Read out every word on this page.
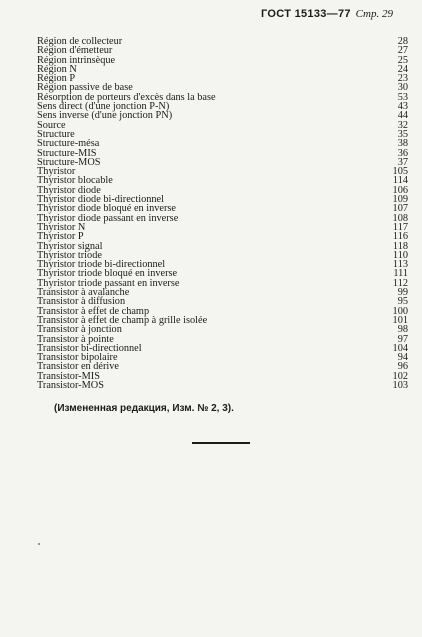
ГОСТ 15133—77 Стр. 29
Région de collecteur	28
Région d'émetteur	27
Région intrinsèque	25
Région N	24
Région P	23
Région passive de base	30
Résorption de porteurs d'excès dans la base	53
Sens direct (d'une jonction P-N)	43
Sens inverse (d'une jonction PN)	44
Source	32
Structure	35
Structure-mésa	38
Structure-MIS	36
Structure-MOS	37
Thyristor	105
Thyristor blocable	114
Thyristor diode	106
Thyristor diode bi-directionnel	109
Thyristor diode bloqué en inverse	107
Thyristor diode passant en inverse	108
Thyristor N	117
Thyristor P	116
Thyristor signal	118
Thyristor triode	110
Thyristor triode bi-directionnel	113
Thyristor triode bloqué en inverse	111
Thyristor triode passant en inverse	112
Transistor à avalanche	99
Transistor à diffusion	95
Transistor à effet de champ	100
Transistor à effet de champ à grille isolée	101
Transistor à jonction	98
Transistor à pointe	97
Transistor bi-directionnel	104
Transistor bipolaire	94
Transistor en dérive	96
Transistor-MIS	102
Transistor-MOS	103
(Измененная редакция, Изм. № 2, 3).
